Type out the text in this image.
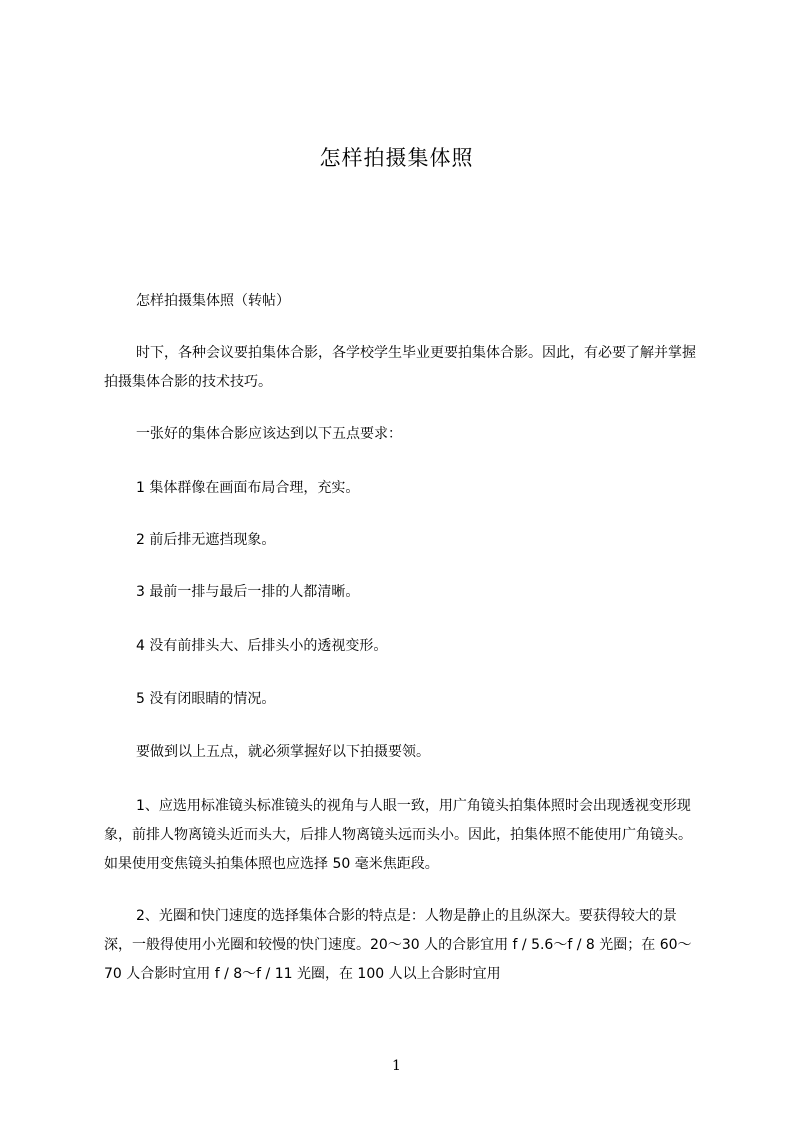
怎样拍摄集体照

怎样拍摄集体照（转帖）

时下，各种会议要拍集体合影，各学校学生毕业更要拍集体合影。因此，有必要了解并掌握拍摄集体合影的技术技巧。

一张好的集体合影应该达到以下五点要求：

1 集体群像在画面布局合理，充实。

2 前后排无遮挡现象。

3 最前一排与最后一排的人都清晰。

4 没有前排头大、后排头小的透视变形。

5 没有闭眼睛的情况。

要做到以上五点，就必须掌握好以下拍摄要领。

1、应选用标准镜头标准镜头的视角与人眼一致，用广角镜头拍集体照时会出现透视变形现象，前排人物离镜头近而头大，后排人物离镜头远而头小。因此，拍集体照不能使用广角镜头。如果使用变焦镜头拍集体照也应选择 50 毫米焦距段。

2、光圈和快门速度的选择集体合影的特点是：人物是静止的且纵深大。要获得较大的景深，一般得使用小光圈和较慢的快门速度。20～30 人的合影宜用 f / 5.6～f / 8 光圈；在 60～70 人合影时宜用 f / 8～f / 11 光圈，在 100 人以上合影时宜用

1
